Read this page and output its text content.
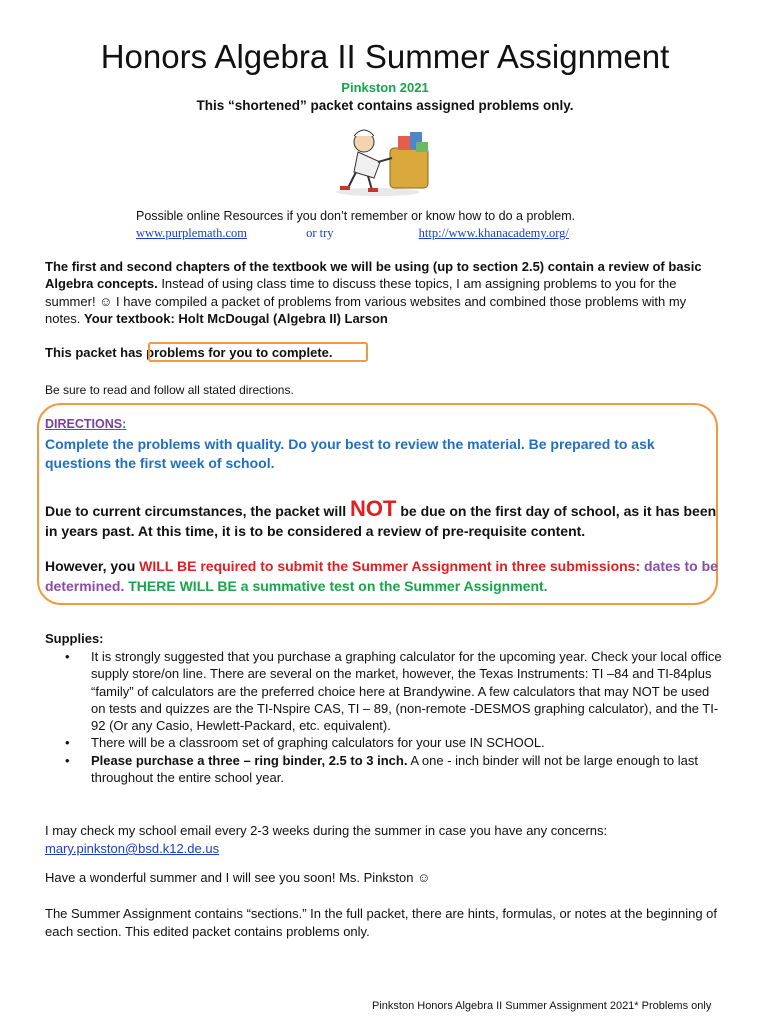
Honors Algebra II Summer Assignment
Pinkston 2021
This “shortened” packet contains assigned problems only.
Possible online Resources if you don’t remember or know how to do a problem.
www.purplemath.com	or try	http://www.khanacademy.org/
The first and second chapters of the textbook we will be using (up to section 2.5) contain a review of basic Algebra concepts. Instead of using class time to discuss these topics, I am assigning problems to you for the summer! ☺ I have compiled a packet of problems from various websites and combined those problems with my notes. Your textbook: Holt McDougal (Algebra II) Larson
This packet has problems for you to complete.
Be sure to read and follow all stated directions.
DIRECTIONS:
Complete the problems with quality. Do your best to review the material. Be prepared to ask questions the first week of school.
Due to current circumstances, the packet will NOT be due on the first day of school, as it has been in years past. At this time, it is to be considered a review of pre-requisite content.
However, you WILL BE required to submit the Summer Assignment in three submissions: dates to be determined. THERE WILL BE a summative test on the Summer Assignment.
Supplies:
• It is strongly suggested that you purchase a graphing calculator for the upcoming year. Check your local office supply store/on line. There are several on the market, however, the Texas Instruments: TI –84 and TI-84plus “family” of calculators are the preferred choice here at Brandywine. A few calculators that may NOT be used on tests and quizzes are the TI-Nspire CAS, TI – 89, (non-remote -DESMOS graphing calculator), and the TI-92 (Or any Casio, Hewlett-Packard, etc. equivalent).
• There will be a classroom set of graphing calculators for your use IN SCHOOL.
• Please purchase a three – ring binder, 2.5 to 3 inch. A one - inch binder will not be large enough to last throughout the entire school year.
I may check my school email every 2-3 weeks during the summer in case you have any concerns:
mary.pinkston@bsd.k12.de.us
Have a wonderful summer and I will see you soon! Ms. Pinkston ☺
The Summer Assignment contains “sections.” In the full packet, there are hints, formulas, or notes at the beginning of each section. This edited packet contains problems only.
Pinkston Honors Algebra II Summer Assignment 2021* Problems only
